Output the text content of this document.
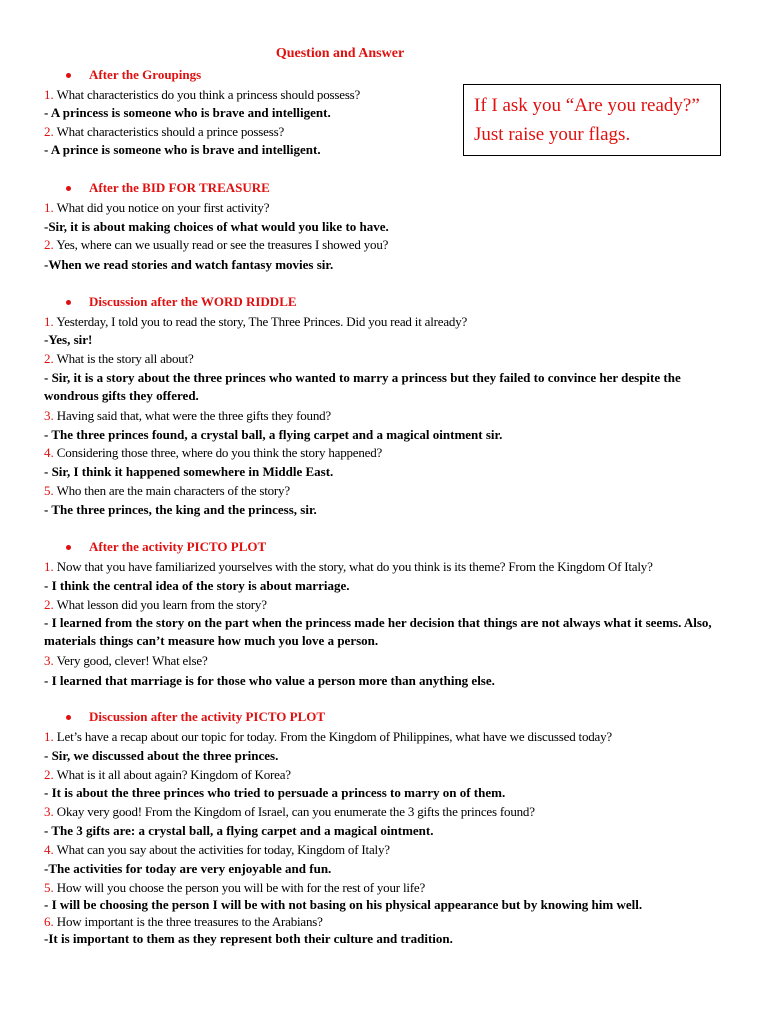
Question and Answer
If I ask you “Are you ready?”
Just raise your flags.
After the Groupings
1. What characteristics do you think a princess should possess?
- A princess is someone who is brave and intelligent.
2. What characteristics should a prince possess?
- A prince is someone who is brave and intelligent.
After the BID FOR TREASURE
1. What did you notice on your first activity?
-Sir, it is about making choices of what would you like to have.
2. Yes, where can we usually read or see the treasures I showed you?
-When we read stories and watch fantasy movies sir.
Discussion after the WORD RIDDLE
1. Yesterday, I told you to read the story, The Three Princes. Did you read it already?
-Yes, sir!
2. What is the story all about?
- Sir, it is a story about the three princes who wanted to marry a princess but they failed to convince her despite the wondrous gifts they offered.
3. Having said that, what were the three gifts they found?
- The three princes found, a crystal ball, a flying carpet and a magical ointment sir.
4. Considering those three, where do you think the story happened?
- Sir, I think it happened somewhere in Middle East.
5. Who then are the main characters of the story?
- The three princes, the king and the princess, sir.
After the activity PICTO PLOT
1. Now that you have familiarized yourselves with the story, what do you think is its theme? From the Kingdom Of Italy?
- I think the central idea of the story is about marriage.
2. What lesson did you learn from the story?
- I learned from the story on the part when the princess made her decision that things are not always what it seems. Also, materials things can’t measure how much you love a person.
3. Very good, clever! What else?
- I learned that marriage is for those who value a person more than anything else.
Discussion after the activity PICTO PLOT
1. Let’s have a recap about our topic for today. From the Kingdom of Philippines, what have we discussed today?
- Sir, we discussed about the three princes.
2. What is it all about again? Kingdom of Korea?
- It is about the three princes who tried to persuade a princess to marry on of them.
3. Okay very good! From the Kingdom of Israel, can you enumerate the 3 gifts the princes found?
- The 3 gifts are: a crystal ball, a flying carpet and a magical ointment.
4. What can you say about the activities for today, Kingdom of Italy?
-The activities for today are very enjoyable and fun.
5. How will you choose the person you will be with for the rest of your life?
- I will be choosing the person I will be with not basing on his physical appearance but by knowing him well.
6. How important is the three treasures to the Arabians?
-It is important to them as they represent both their culture and tradition.
